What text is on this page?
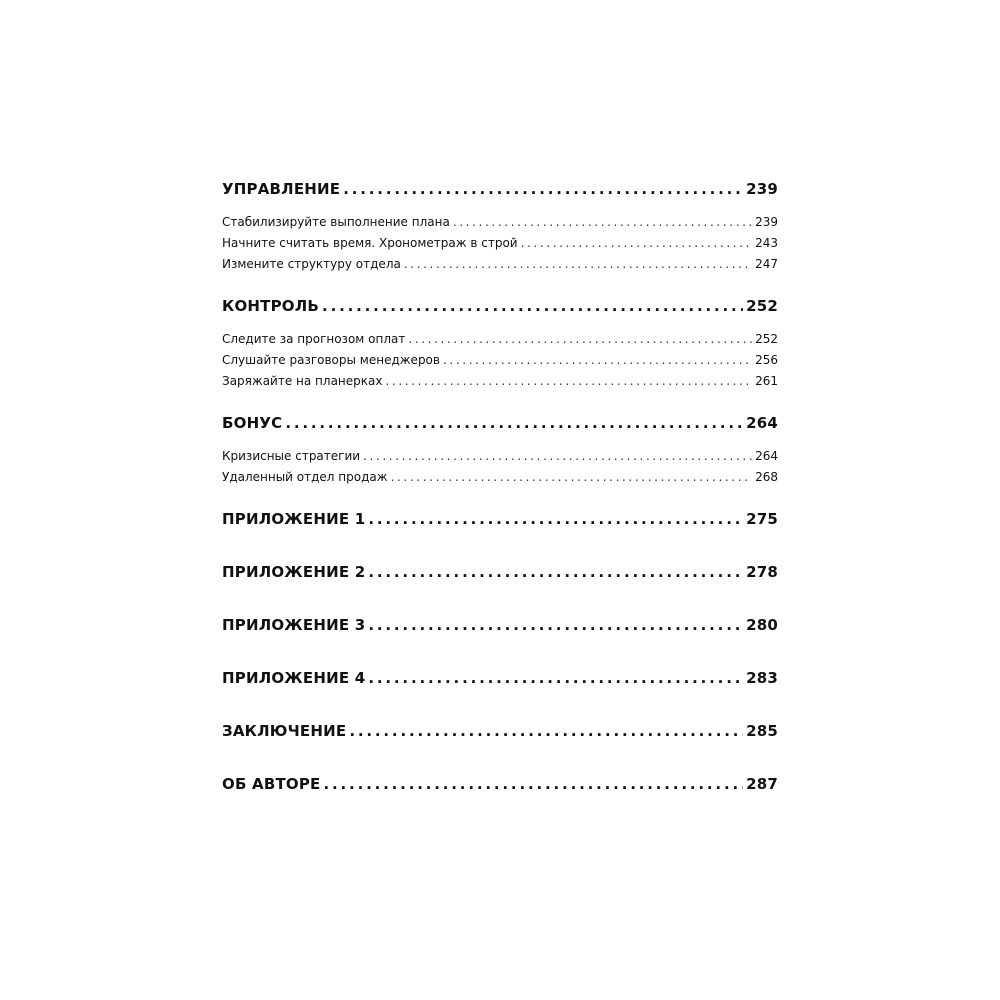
УПРАВЛЕНИЕ . . .	239
Стабилизируйте выполнение плана . . .	239
Начните считать время. Хронометраж в строй . . .	243
Измените структуру отдела . . .	247
КОНТРОЛЬ . . .	252
Следите за прогнозом оплат . . .	252
Слушайте разговоры менеджеров . . .	256
Заряжайте на планерках . . .	261
БОНУС . . .	264
Кризисные стратегии . . .	264
Удаленный отдел продаж . . .	268
ПРИЛОЖЕНИЕ 1 . . .	275
ПРИЛОЖЕНИЕ 2 . . .	278
ПРИЛОЖЕНИЕ 3 . . .	280
ПРИЛОЖЕНИЕ 4 . . .	283
ЗАКЛЮЧЕНИЕ . . .	285
ОБ АВТОРЕ . . .	287
